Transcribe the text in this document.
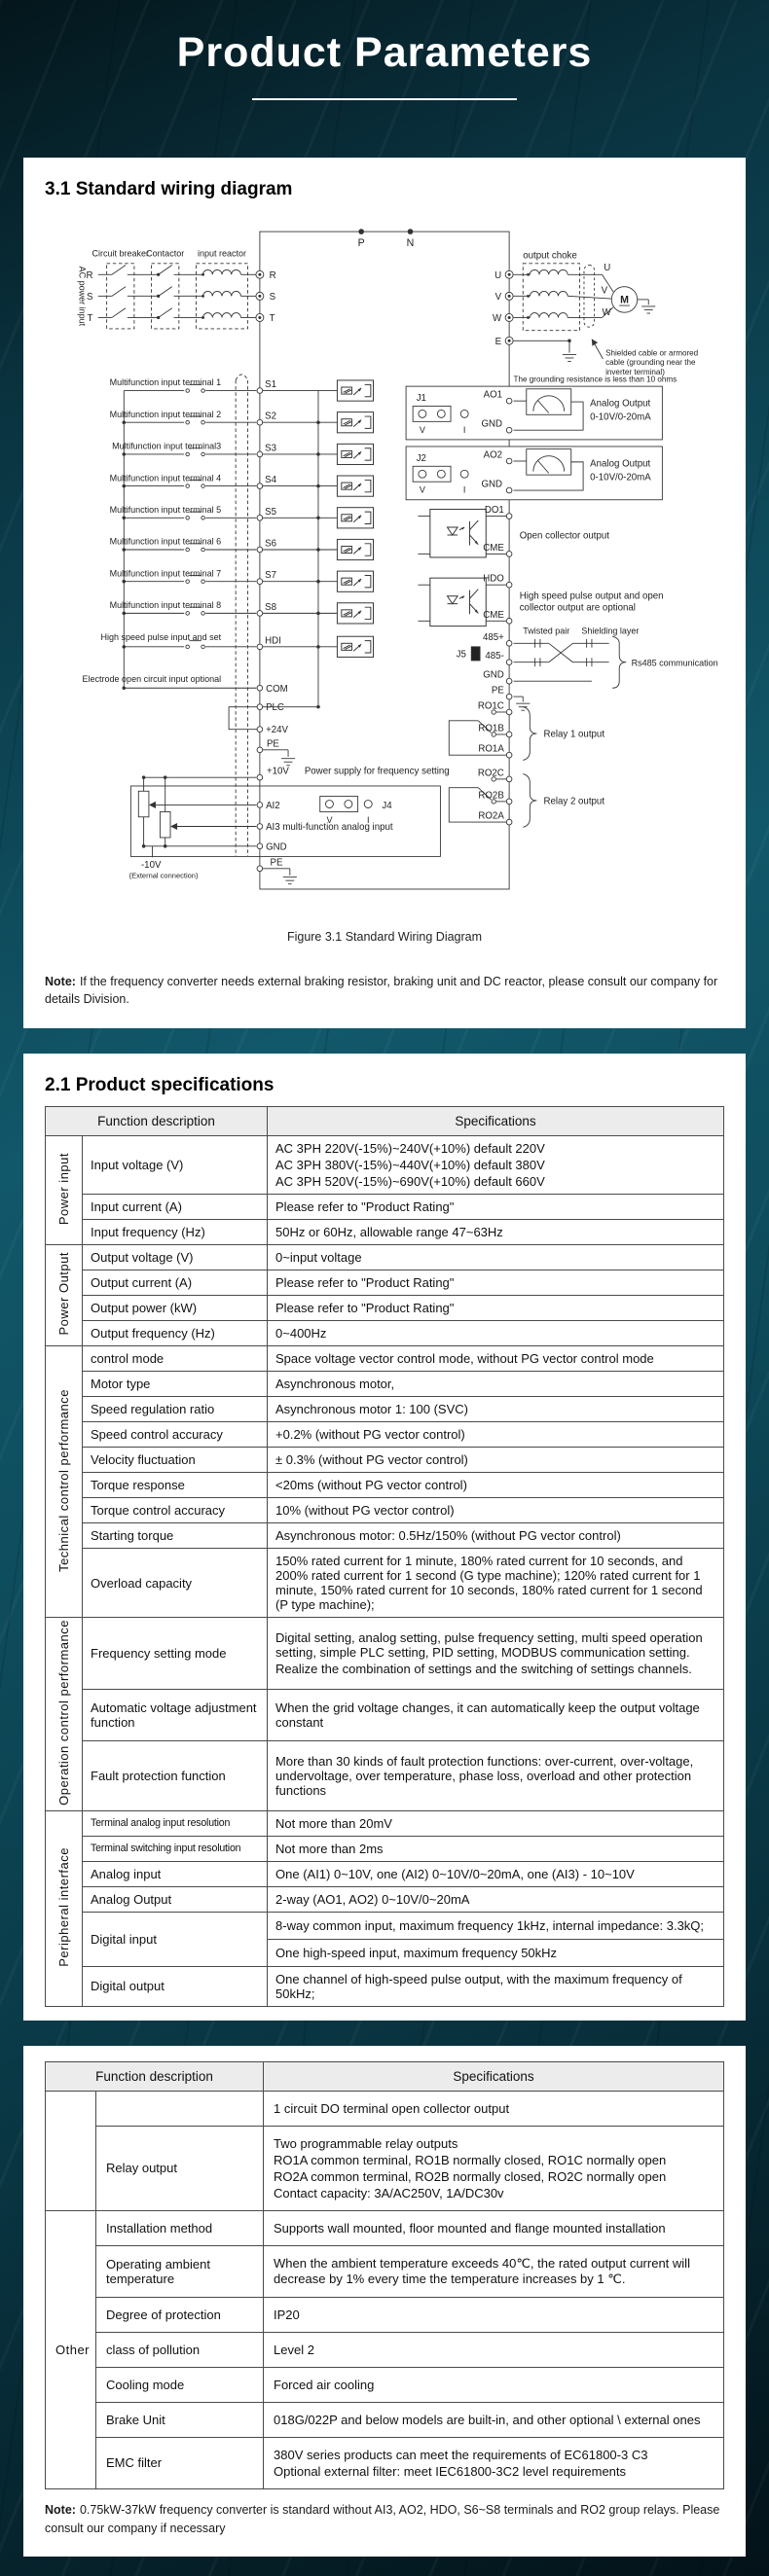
Product Parameters
3.1 Standard wiring diagram
P	N
Circuit breaker
Contactor input reactor
AC power input R
S
T
R
S
T
output choke
U
V
W
E
U
V
W
M
Shielded cable or armored
cable (grounding near the
inverter terminal)
The grounding resistance is less than 10 ohms
Multifunction input terminal 1
Multifunction input terminal 2
Multifunction input terminal3
Multifunction input terminal 4
Multifunction input terminal 5
Multifunction input terminal 6
Multifunction input terminal 7
Multifunction input terminal 8
S1
S2
S3
S4
S5
S6
S7
S8
High speed pulse input and set	HDI
Electrode open circuit input optional
COM
PLC
+24V
PE
+10V Power supply for frequency setting
AI2	J4
V	I
AI3 multi-function analog input
GND
-10V
(External connection)
PE
J1
V	I
AO1
GND
Analog Output
0-10V/0-20mA
J2
V	I
AO2
GND
Analog Output
0-10V/0-20mA
DO1
CME
Open collector output
HDO
CME
High speed pulse output and open
collector output are optional
J5
485+
485-
GND
PE
Twisted pair Shielding layer
Rs485 communication
RO1C
RO1B
RO1A
Relay 1 output
RO2C
RO2B
RO2A
Relay 2 output
Figure 3.1 Standard Wiring Diagram

Note: If the frequency converter needs external braking resistor, braking unit and DC reactor, please consult our company for details Division.

2.1 Product specifications
Function description		Specifications
Power input	Input voltage (V)	AC 3PH 220V(-15%)~240V(+10%) default 220V
AC 3PH 380V(-15%)~440V(+10%) default 380V
AC 3PH 520V(-15%)~690V(+10%) default 660V

	Input current (A)	Please refer to "Product Rating"

	Input frequency (Hz)	50Hz or 60Hz, allowable range 47~63Hz

Power Output	Output voltage (V)	0~input voltage

	Output current (A)	Please refer to "Product Rating"

	Output power (kW)	Please refer to "Product Rating"

	Output frequency (Hz)	0~400Hz

Technical control performance	control mode	Space voltage vector control mode, without PG vector control mode

	Motor type	Asynchronous motor,

	Speed regulation ratio	Asynchronous motor 1: 100 (SVC)

	Speed control accuracy	+0.2% (without PG vector control)

	Velocity fluctuation	± 0.3% (without PG vector control)

	Torque response	<20ms (without PG vector control)

	Torque control accuracy	10% (without PG vector control)

	Starting torque	Asynchronous motor: 0.5Hz/150% (without PG vector control)

	Overload capacity	150% rated current for 1 minute, 180% rated current for 10 seconds, and 200% rated current for 1 second (G type machine); 120% rated current for 1 minute, 150% rated current for 10 seconds, 180% rated current for 1 second (P type machine);

Operation control performance	Frequency setting mode	Digital setting, analog setting, pulse frequency setting, multi speed operation setting, simple PLC setting, PID setting, MODBUS communication setting.
Realize the combination of settings and the switching of settings channels.

	Automatic voltage adjustment function	When the grid voltage changes, it can automatically keep the output voltage constant

	Fault protection function	More than 30 kinds of fault protection functions: over-current, over-voltage, undervoltage, over temperature, phase loss, overload and other protection functions

Peripheral interface	Terminal analog input resolution	Not more than 20mV

	Terminal switching input resolution	Not more than 2ms

	Analog input	One (AI1) 0~10V, one (AI2) 0~10V/0~20mA, one (AI3) - 10~10V

	Analog Output	2-way (AO1, AO2) 0~10V/0~20mA

	Digital input	8-way common input, maximum frequency 1kHz, internal impedance: 3.3kQ;
One high-speed input, maximum frequency 50kHz

	Digital output	One channel of high-speed pulse output, with the maximum frequency of 50kHz;
Function description		Specifications

		1 circuit DO terminal open collector output

	Relay output	Two programmable relay outputs
RO1A common terminal, RO1B normally closed, RO1C normally open
RO2A common terminal, RO2B normally closed, RO2C normally open
Contact capacity: 3A/AC250V, 1A/DC30v

Other	Installation method	Supports wall mounted, floor mounted and flange mounted installation

	Operating ambient temperature	When the ambient temperature exceeds 40℃, the rated output current will decrease by 1% every time the temperature increases by 1 ℃.

	Degree of protection	IP20

	class of pollution	Level 2

	Cooling mode	Forced air cooling

	Brake Unit	018G/022P and below models are built-in, and other optional \ external ones

	EMC filter	380V series products can meet the requirements of EC61800-3 C3
Optional external filter: meet IEC61800-3C2 level requirements

Note: 0.75kW-37kW frequency converter is standard without AI3, AO2, HDO, S6~S8 terminals and RO2 group relays. Please consult our company if necessary
